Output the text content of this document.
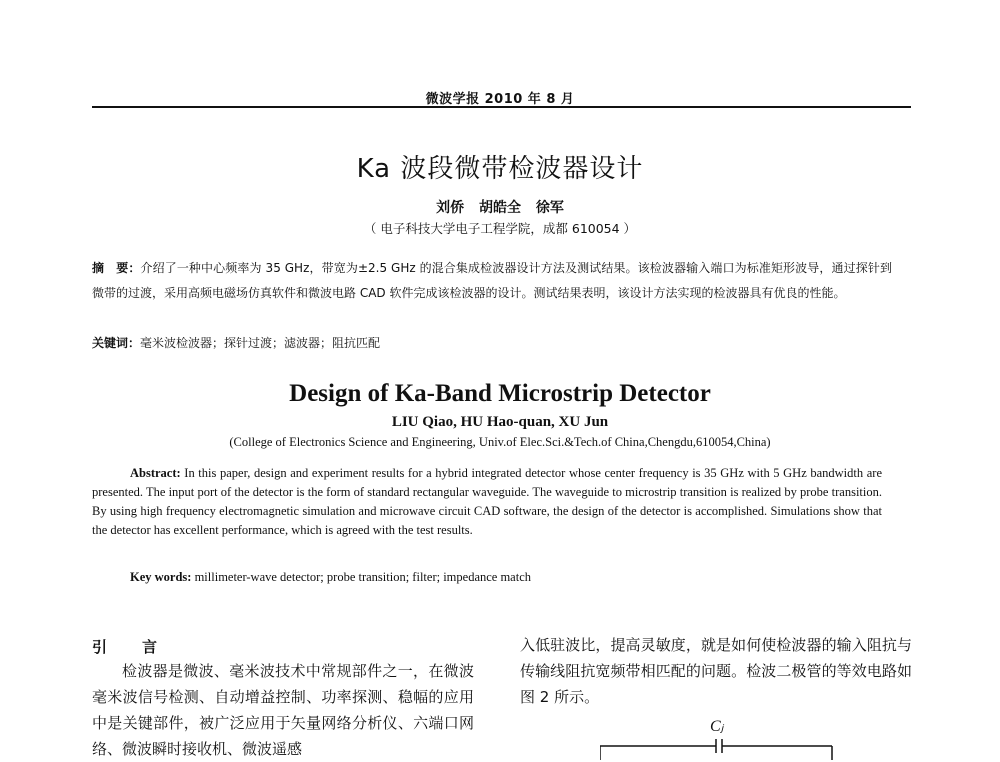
微波学报 2010 年 8 月
Ka 波段微带检波器设计
刘侨 胡皓全 徐军
（ 电子科技大学电子工程学院，成都 610054 ）
摘　要：介绍了一种中心频率为 35 GHz，带宽为±2.5 GHz 的混合集成检波器设计方法及测试结果。该检波器输入端口为标准矩形波导，通过探针到微带的过渡，采用高频电磁场仿真软件和微波电路 CAD 软件完成该检波器的设计。测试结果表明，该设计方法实现的检波器具有优良的性能。
关键词：毫米波检波器；探针过渡；滤波器；阻抗匹配
Design of Ka-Band Microstrip Detector
LIU Qiao, HU Hao-quan, XU Jun
(College of Electronics Science and Engineering, Univ.of Elec.Sci.&Tech.of China,Chengdu,610054,China)
Abstract: In this paper, design and experiment results for a hybrid integrated detector whose center frequency is 35 GHz with 5 GHz bandwidth are presented. The input port of the detector is the form of standard rectangular waveguide. The waveguide to microstrip transition is realized by probe transition. By using high frequency electromagnetic simulation and microwave circuit CAD software, the design of the detector is accomplished. Simulations show that the detector has excellent performance, which is agreed with the test results.
Key words: millimeter-wave detector; probe transition; filter; impedance match
引　言
检波器是微波、毫米波技术中常规部件之一，在微波毫米波信号检测、自动增益控制、功率探测、稳幅的应用中是关键部件，被广泛应用于矢量网络分析仪、六端口网络、微波瞬时接收机、微波遥感
入低驻波比，提高灵敏度，就是如何使检波器的输入阻抗与传输线阻抗宽频带相匹配的问题。检波二极管的等效电路如图 2 所示。
Cⱼ
